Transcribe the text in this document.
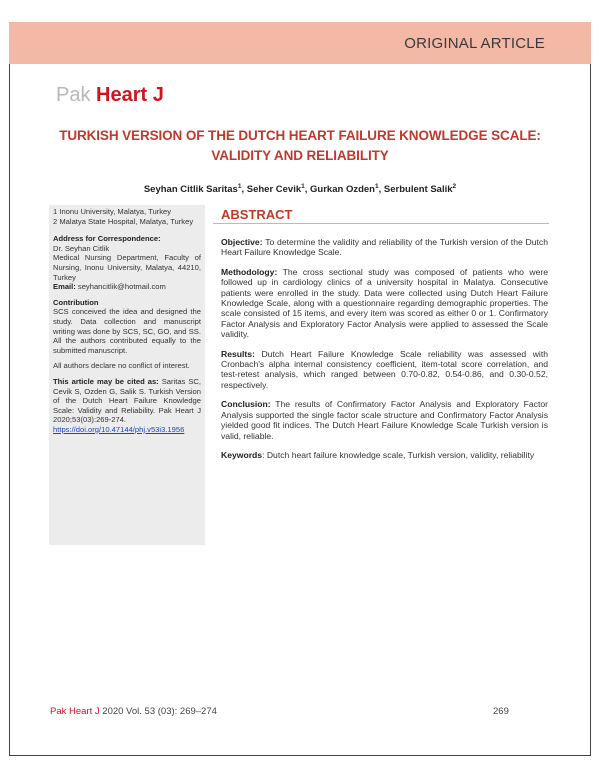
ORIGINAL ARTICLE
Pak Heart J
TURKISH VERSION OF THE DUTCH HEART FAILURE KNOWLEDGE SCALE:
VALIDITY AND RELIABILITY
Seyhan Citlik Saritas$^1$, Seher Cevik$^1$, Gurkan Ozden$^1$, Serbulent Salik$^2$

1 Inonu University, Malatya, Turkey
2 Malatya State Hospital, Malatya, Turkey

Address for Correspondence:
Dr. Seyhan Citlik
Medical Nursing Department, Faculty of Nursing, Inonu University, Malatya, 44210, Turkey
Email: seyhancitlik@hotmail.com

Contribution
SCS conceived the idea and designed the study. Data collection and manuscript writing was done by SCS, SC, GO, and SS. All the authors contributed equally to the submitted manuscript.

All authors declare no conflict of interest.

This article may be cited as: Saritas SC, Cevik S, Ozden G, Salik S. Turkish Version of the Dutch Heart Failure Knowledge Scale: Validity and Reliability. Pak Heart J 2020;53(03):269-274.
https://doi.org/10.47144/phj.v53i3.1956

ABSTRACT

Objective: To determine the validity and reliability of the Turkish version of the Dutch Heart Failure Knowledge Scale.

Methodology: The cross sectional study was composed of patients who were followed up in cardiology clinics of a university hospital in Malatya. Consecutive patients were enrolled in the study. Data were collected using Dutch Heart Failure Knowledge Scale, along with a questionnaire regarding demographic properties. The scale consisted of 15 items, and every item was scored as either 0 or 1. Confirmatory Factor Analysis and Exploratory Factor Analysis were applied to assessed the Scale validity.

Results: Dutch Heart Failure Knowledge Scale reliability was assessed with Cronbach's alpha internal consistency coefficient, item-total score correlation, and test-retest analysis, which ranged between 0.70-0.82, 0.54-0.86, and 0.30-0.52, respectively.

Conclusion: The results of Confirmatory Factor Analysis and Exploratory Factor Analysis supported the single factor scale structure and Confirmatory Factor Analysis yielded good fit indices. The Dutch Heart Failure Knowledge Scale Turkish version is valid, reliable.

Keywords: Dutch heart failure knowledge scale, Turkish version, validity, reliability

Pak Heart J 2020 Vol. 53 (03): 269–274	269
